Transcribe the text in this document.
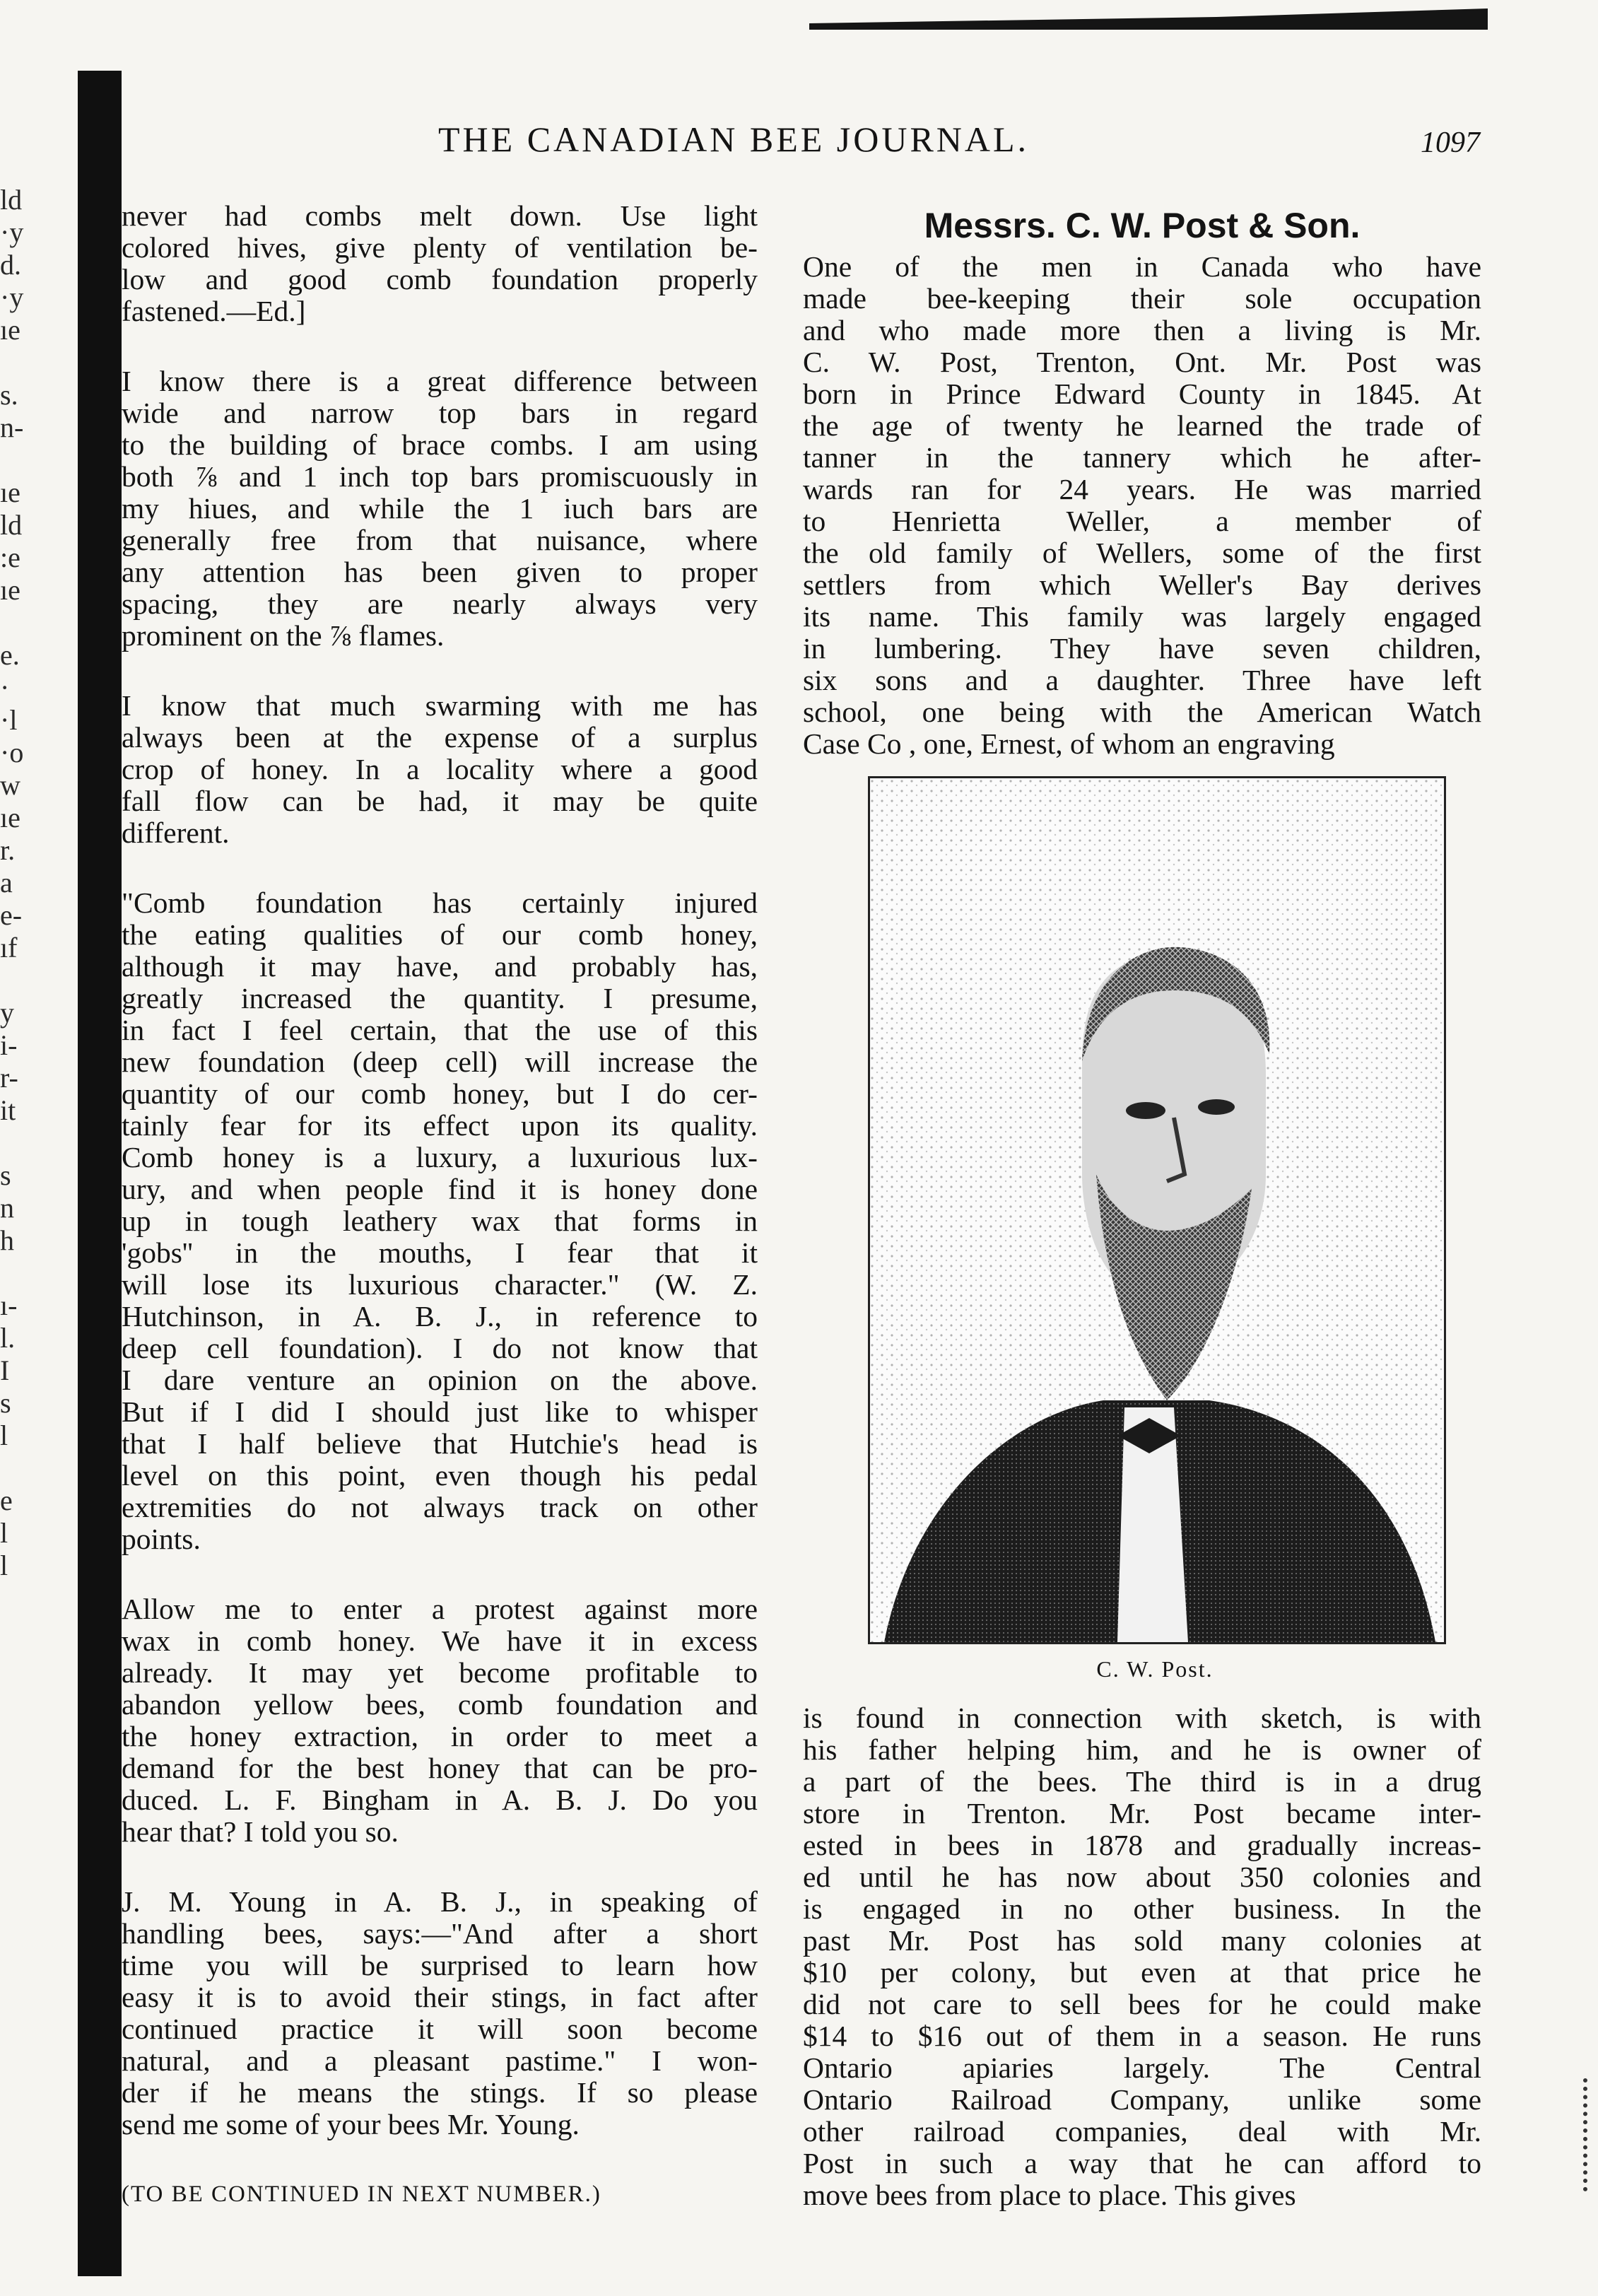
ld
·y
d.
·y
ıe
s.
n-
ıe
ld
:e
ıe
e.
·
·l
·o
w
ıe
r.
a
e-
ıf
y
i-
r-
it
s
n
h
ı-
l.
I
s
l
e
l
l
THE CANADIAN BEE JOURNAL.	1097

never had combs melt down. Use light
colored hives, give plenty of ventilation be-
low and good comb foundation properly
fastened.—Ed.]

I know there is a great difference between
wide and narrow top bars in regard
to the building of brace combs. I am using
both ⅞ and 1 inch top bars promiscuously in
my hiues, and while the 1 iuch bars are
generally free from that nuisance, where
any attention has been given to proper
spacing, they are nearly always very
prominent on the ⅞ flames.

I know that much swarming with me has
always been at the expense of a surplus
crop of honey. In a locality where a good
fall flow can be had, it may be quite
different.

"Comb foundation has certainly injured
the eating qualities of our comb honey,
although it may have, and probably has,
greatly increased the quantity. I presume,
in fact I feel certain, that the use of this
new foundation (deep cell) will increase the
quantity of our comb honey, but I do cer-
tainly fear for its effect upon its quality.
Comb honey is a luxury, a luxurious lux-
ury, and when people find it is honey done
up in tough leathery wax that forms in
'gobs'' in the mouths, I fear that it
will lose its luxurious character." (W. Z.
Hutchinson, in A. B. J., in reference to
deep cell foundation). I do not know that
I dare venture an opinion on the above.
But if I did I should just like to whisper
that I half believe that Hutchie's head is
level on this point, even though his pedal
extremities do not always track on other
points.

Allow me to enter a protest against more
wax in comb honey. We have it in excess
already. It may yet become profitable to
abandon yellow bees, comb foundation and
the honey extraction, in order to meet a
demand for the best honey that can be pro-
duced. L. F. Bingham in A. B. J. Do you
hear that? I told you so.

J. M. Young in A. B. J., in speaking of
handling bees, says:—"And after a short
time you will be surprised to learn how
easy it is to avoid their stings, in fact after
continued practice it will soon become
natural, and a pleasant pastime." I won-
der if he means the stings. If so please
send me some of your bees Mr. Young.

(TO BE CONTINUED IN NEXT NUMBER.)

Messrs. C. W. Post & Son.
One of the men in Canada who have
made bee-keeping their sole occupation
and who made more then a living is Mr.
C. W. Post, Trenton, Ont. Mr. Post was
born in Prince Edward County in 1845. At
the age of twenty he learned the trade of
tanner in the tannery which he after-
wards ran for 24 years. He was married
to Henrietta Weller, a member of
the old family of Wellers, some of the first
settlers from which Weller's Bay derives
its name. This family was largely engaged
in lumbering. They have seven children,
six sons and a daughter. Three have left
school, one being with the American Watch
Case Co , one, Ernest, of whom an engraving
C. W. Post.
is found in connection with sketch, is with
his father helping him, and he is owner of
a part of the bees. The third is in a drug
store in Trenton. Mr. Post became inter-
ested in bees in 1878 and gradually increas-
ed until he has now about 350 colonies and
is engaged in no other business. In the
past Mr. Post has sold many colonies at
$10 per colony, but even at that price he
did not care to sell bees for he could make
$14 to $16 out of them in a season. He runs
Ontario apiaries largely. The Central
Ontario Railroad Company, unlike some
other railroad companies, deal with Mr.
Post in such a way that he can afford to
move bees from place to place. This gives
